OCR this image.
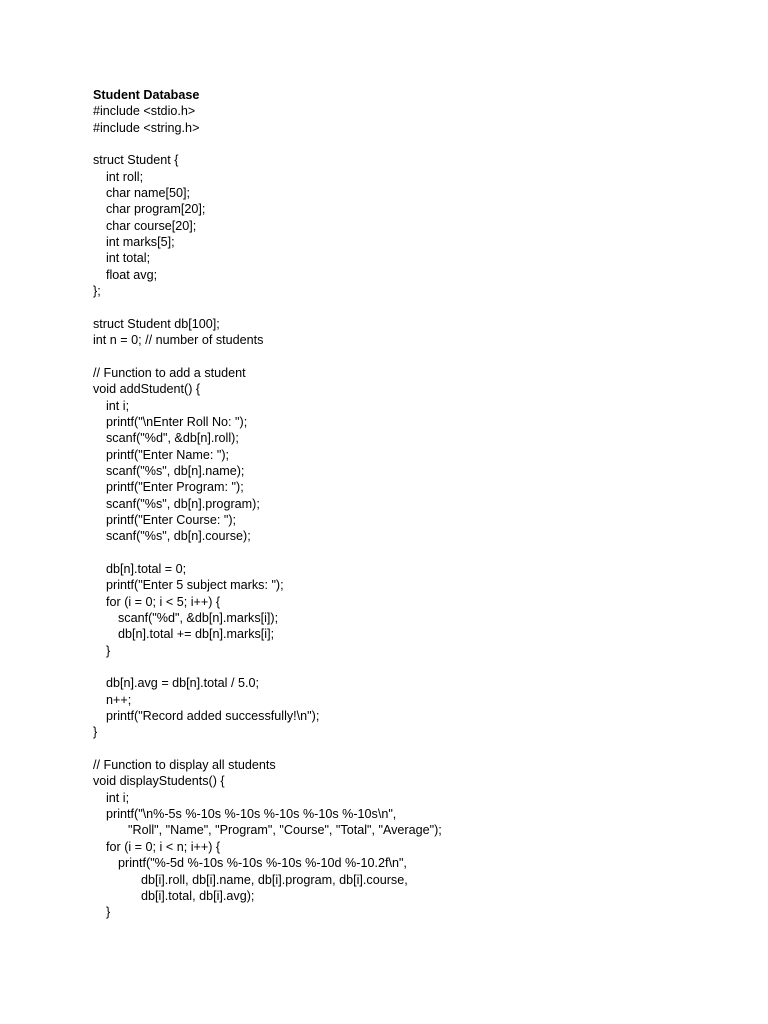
Student Database
#include <stdio.h>
#include <string.h>
struct Student {
int roll;
char name[50];
char program[20];
char course[20];
int marks[5];
int total;
float avg;
};
struct Student db[100];
int n = 0; // number of students
// Function to add a student
void addStudent() {
int i;
printf("\nEnter Roll No: ");
scanf("%d", &db[n].roll);
printf("Enter Name: ");
scanf("%s", db[n].name);
printf("Enter Program: ");
scanf("%s", db[n].program);
printf("Enter Course: ");
scanf("%s", db[n].course);
db[n].total = 0;
printf("Enter 5 subject marks: ");
for (i = 0; i < 5; i++) {
scanf("%d", &db[n].marks[i]);
db[n].total += db[n].marks[i];
}
db[n].avg = db[n].total / 5.0;
n++;
printf("Record added successfully!\n");
}
// Function to display all students
void displayStudents() {
int i;
printf("\n%-5s %-10s %-10s %-10s %-10s %-10s\n",
"Roll", "Name", "Program", "Course", "Total", "Average");
for (i = 0; i < n; i++) {
printf("%-5d %-10s %-10s %-10s %-10d %-10.2f\n",
db[i].roll, db[i].name, db[i].program, db[i].course,
db[i].total, db[i].avg);
}
